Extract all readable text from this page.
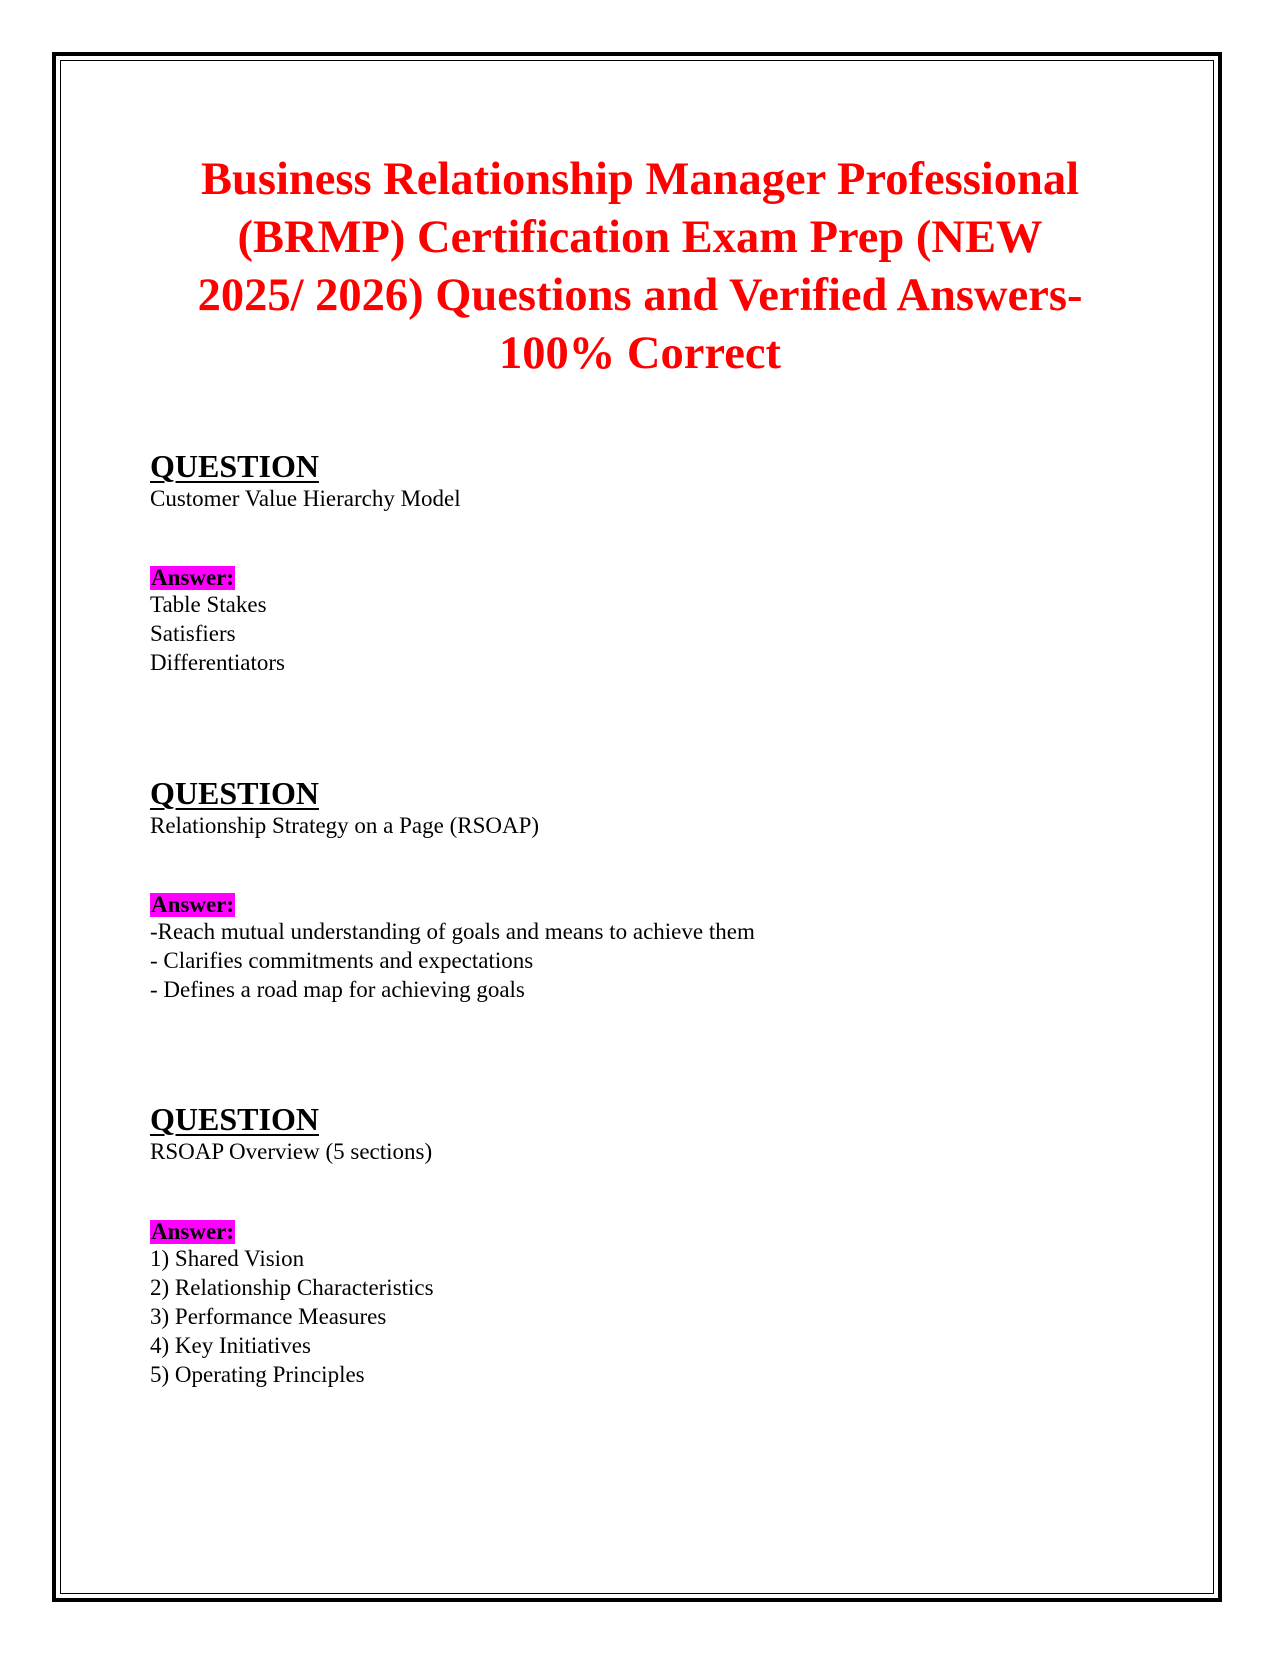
Business Relationship Manager Professional
(BRMP) Certification Exam Prep (NEW
2025/ 2026) Questions and Verified Answers-
100% Correct
QUESTION
Customer Value Hierarchy Model
Answer:
Table Stakes
Satisfiers
Differentiators
QUESTION
Relationship Strategy on a Page (RSOAP)
Answer:
-Reach mutual understanding of goals and means to achieve them
- Clarifies commitments and expectations
- Defines a road map for achieving goals
QUESTION
RSOAP Overview (5 sections)
Answer:
1) Shared Vision
2) Relationship Characteristics
3) Performance Measures
4) Key Initiatives
5) Operating Principles
